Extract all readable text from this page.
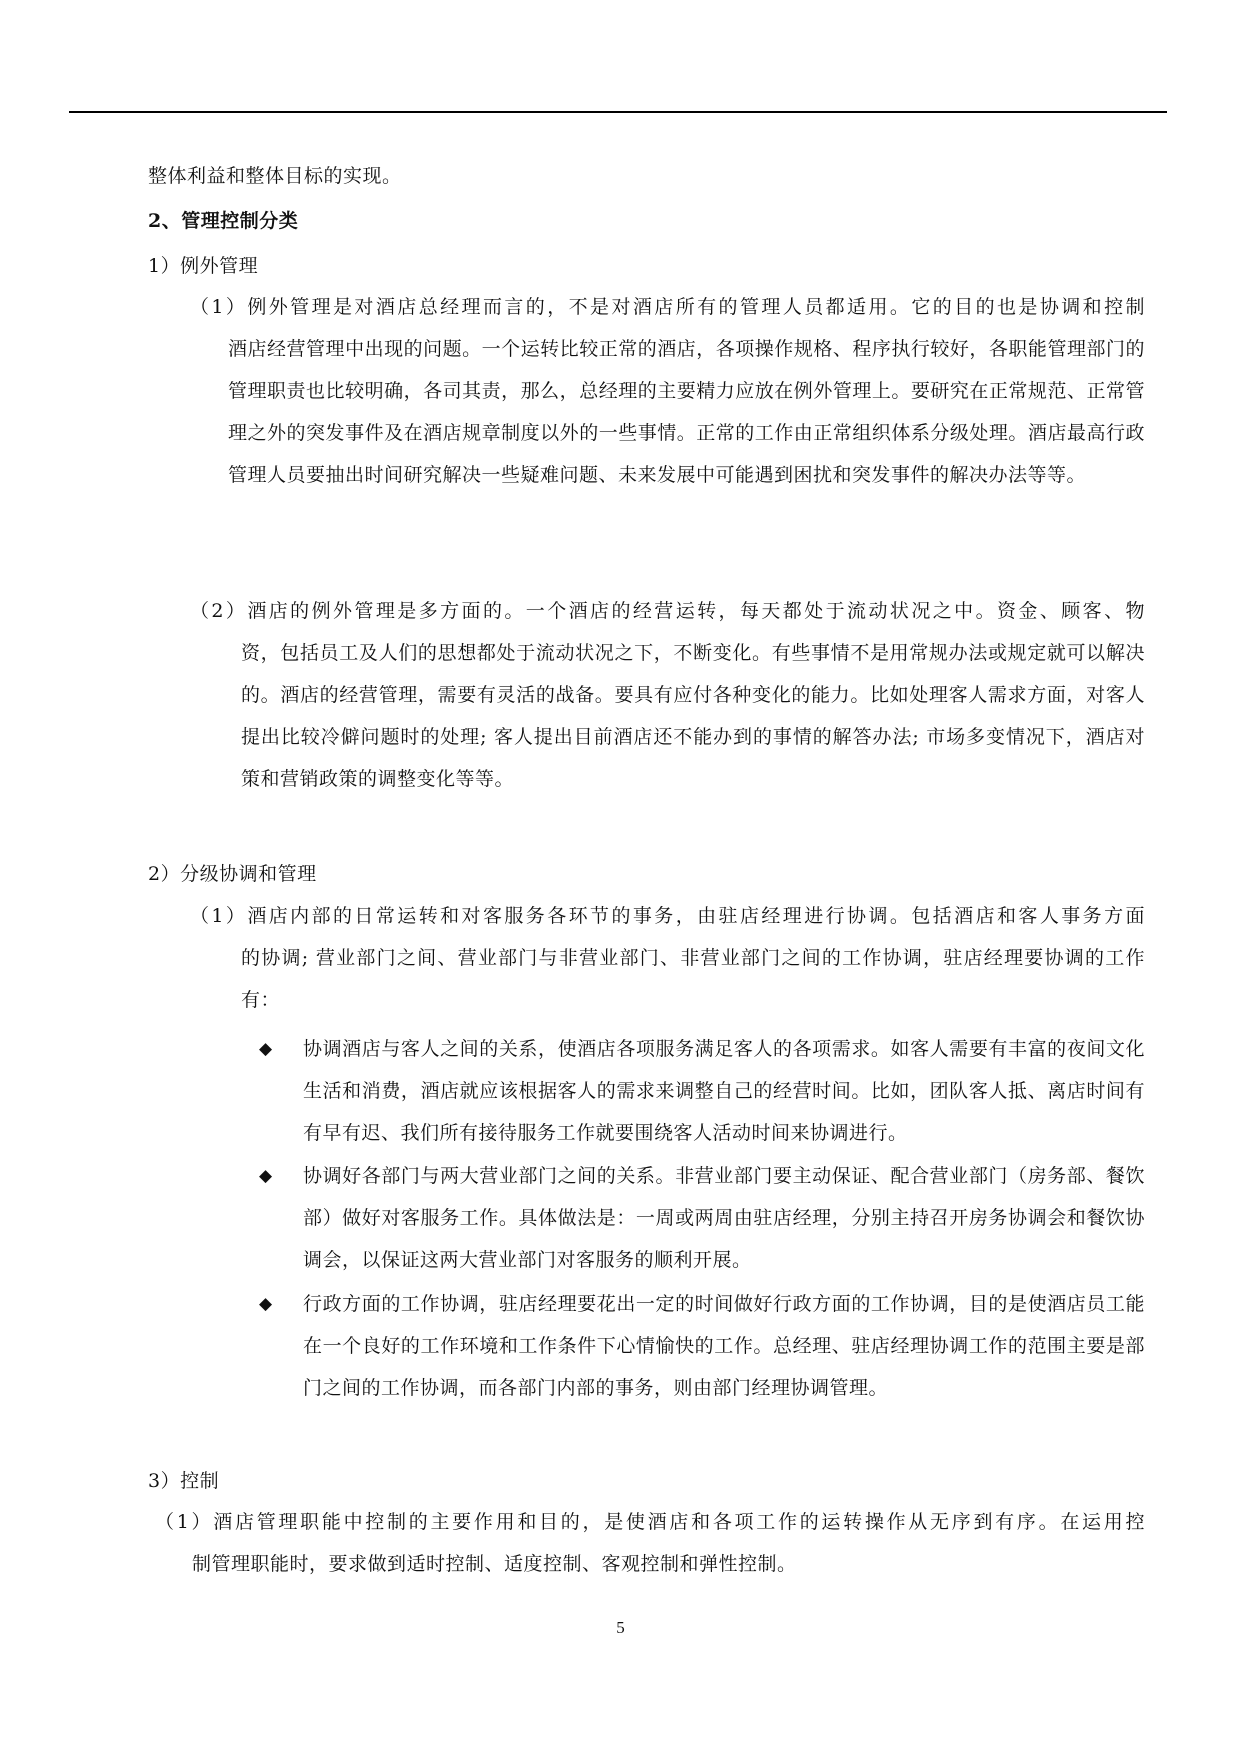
整体利益和整体目标的实现。

2、管理控制分类

1）例外管理

（1）例外管理是对酒店总经理而言的，不是对酒店所有的管理人员都适用。它的目的也是协调和控制

酒店经营管理中出现的问题。一个运转比较正常的酒店，各项操作规格、程序执行较好，各职能管理部门的管理职责也比较明确，各司其责，那么，总经理的主要精力应放在例外管理上。要研究在正常规范、正常管理之外的突发事件及在酒店规章制度以外的一些事情。正常的工作由正常组织体系分级处理。酒店最高行政管理人员要抽出时间研究解决一些疑难问题、未来发展中可能遇到困扰和突发事件的解决办法等等。

（2）酒店的例外管理是多方面的。一个酒店的经营运转，每天都处于流动状况之中。资金、顾客、物

资，包括员工及人们的思想都处于流动状况之下，不断变化。有些事情不是用常规办法或规定就可以解决的。酒店的经营管理，需要有灵活的战备。要具有应付各种变化的能力。比如处理客人需求方面，对客人提出比较冷僻问题时的处理; 客人提出目前酒店还不能办到的事情的解答办法; 市场多变情况下，酒店对策和营销政策的调整变化等等。

2）分级协调和管理

（1）酒店内部的日常运转和对客服务各环节的事务，由驻店经理进行协调。包括酒店和客人事务方面

的协调; 营业部门之间、营业部门与非营业部门、非营业部门之间的工作协调，驻店经理要协调的工作有：

◆ 协调酒店与客人之间的关系，使酒店各项服务满足客人的各项需求。如客人需要有丰富的夜间文化生活和消费，酒店就应该根据客人的需求来调整自己的经营时间。比如，团队客人抵、离店时间有有早有迟、我们所有接待服务工作就要围绕客人活动时间来协调进行。

◆ 协调好各部门与两大营业部门之间的关系。非营业部门要主动保证、配合营业部门（房务部、餐饮部）做好对客服务工作。具体做法是：一周或两周由驻店经理，分别主持召开房务协调会和餐饮协调会，以保证这两大营业部门对客服务的顺利开展。

◆ 行政方面的工作协调，驻店经理要花出一定的时间做好行政方面的工作协调，目的是使酒店员工能在一个良好的工作环境和工作条件下心情愉快的工作。总经理、驻店经理协调工作的范围主要是部门之间的工作协调，而各部门内部的事务，则由部门经理协调管理。

3）控制

（1）酒店管理职能中控制的主要作用和目的，是使酒店和各项工作的运转操作从无序到有序。在运用控

制管理职能时，要求做到适时控制、适度控制、客观控制和弹性控制。

5
